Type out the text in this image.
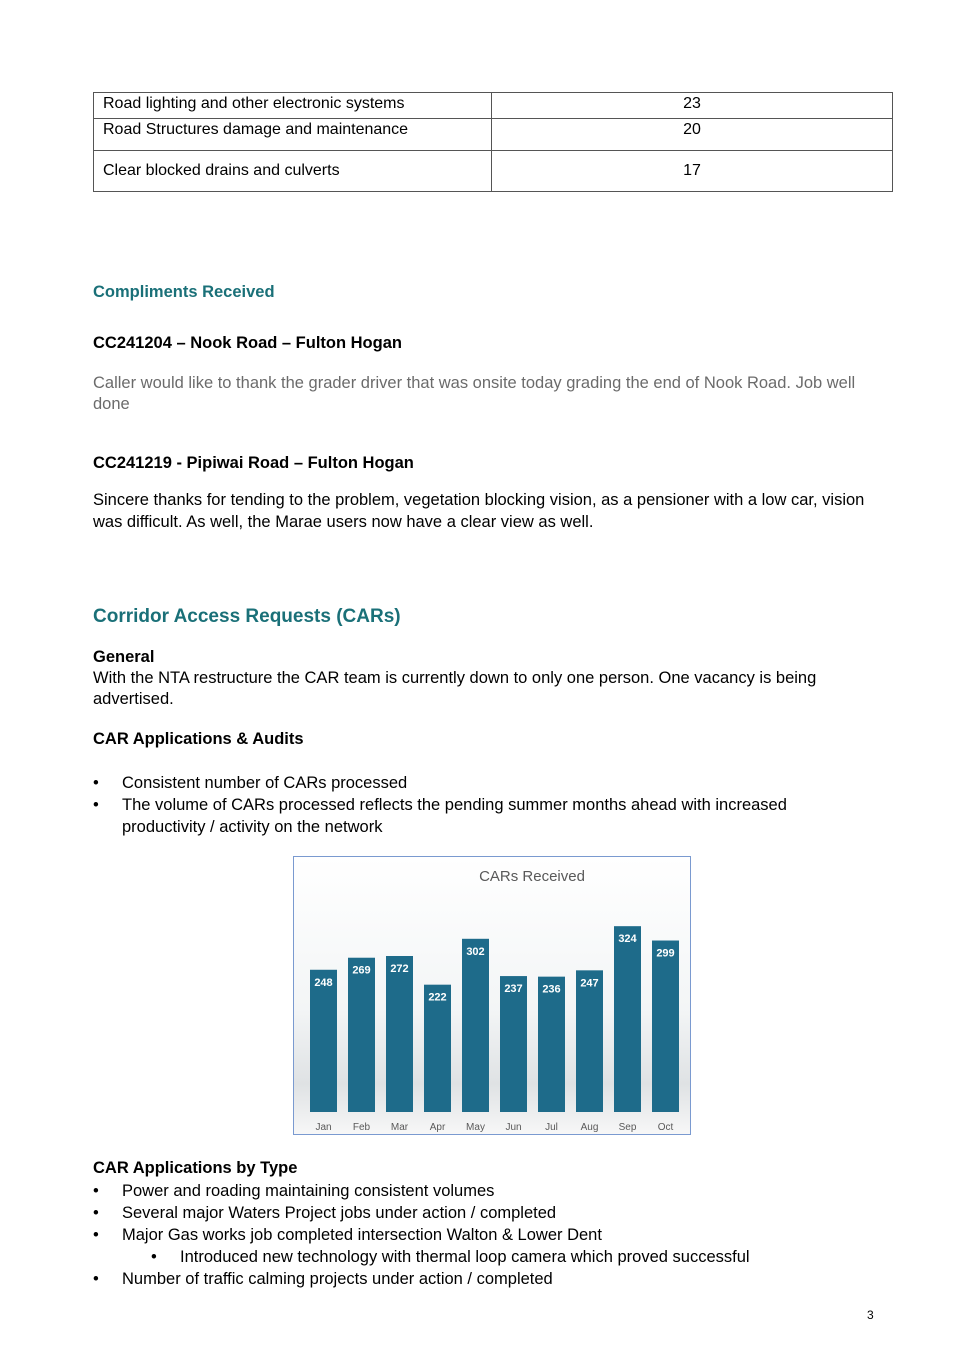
Road lighting and other electronic systems	23
Road Structures damage and maintenance	20
Clear blocked drains and culverts	17
Compliments Received
CC241204 – Nook Road – Fulton Hogan
Caller would like to thank the grader driver that was onsite today grading the end of Nook Road. Job well done
CC241219 - Pipiwai Road – Fulton Hogan
Sincere thanks for tending to the problem, vegetation blocking vision, as a pensioner with a low car, vision was difficult. As well, the Marae users now have a clear view as well.
Corridor Access Requests (CARs)
General
With the NTA restructure the CAR team is currently down to only one person. One vacancy is being advertised.
CAR Applications & Audits
• Consistent number of CARs processed
• The volume of CARs processed reflects the pending summer months ahead with increased productivity / activity on the network
CARs Received
248
Jan
269
Feb
272
Mar
222
Apr
302
May
237
Jun
236
Jul
247
Aug
324
Sep
299
Oct
CAR Applications by Type
• Power and roading maintaining consistent volumes
• Several major Waters Project jobs under action / completed
• Major Gas works job completed intersection Walton & Lower Dent
• Introduced new technology with thermal loop camera which proved successful
• Number of traffic calming projects under action / completed
3
